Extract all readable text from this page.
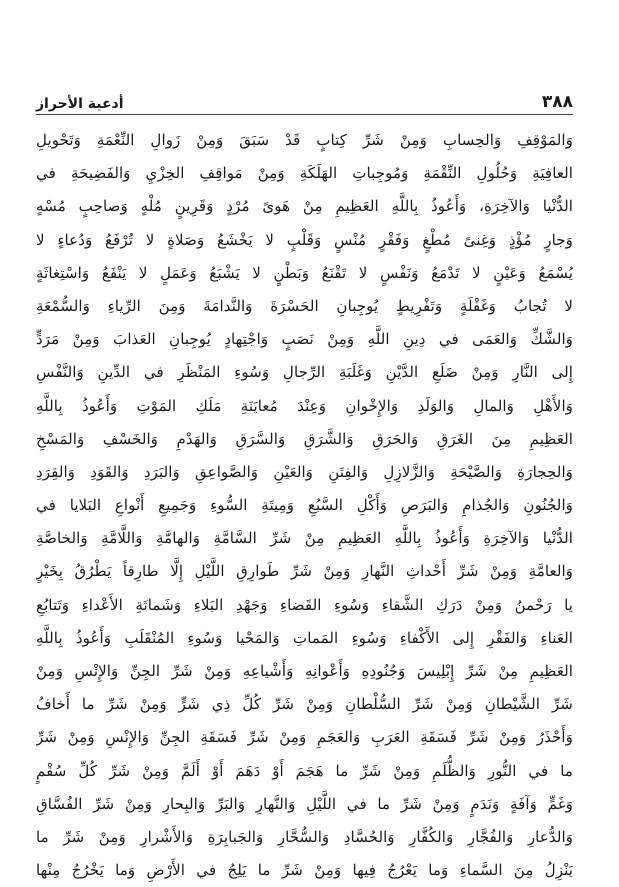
٣٨٨
أدعية الأحراز
وَالمَوْقِفِ وَالحِسابِ وَمِنْ شَرِّ كِتابٍ قَدْ سَبَقَ وَمِنْ زَوالِ النِّعْمَةِ وَتَحْويلِ
العافِيَةِ وَحُلُولِ النِّقْمَةِ وَمُوجِباتِ الهَلَكَةِ وَمِنْ مَواقِفِ الخِزْيِ وَالفَضِيحَةِ في
الدُّنْيا وَالآخِرَةِ، وَأَعُوذُ بِاللَّهِ العَظِيمِ مِنْ هَوىً مُرْدٍ وَقَرِينٍ مُلْهٍ وَصاحِبٍ مُسْهٍ
وَجارٍ مُؤْذٍ وَغِنىً مُطْغٍ وَفَقْرٍ مُنْسٍ وَقَلْبٍ لا يَخْشَعُ وَصَلاةٍ لا تُرْفَعُ وَدُعاءٍ لا
يُسْمَعُ وَعَيْنٍ لا تَدْمَعُ وَنَفْسٍ لا تَقْنَعُ وَبَطْنٍ لا يَشْبَعُ وَعَمَلٍ لا يَنْفَعُ وَاسْتِغاثَةٍ
لا تُجابُ وَغَفْلَةٍ وَتَفْرِيطٍ يُوجِبانِ الحَسْرَةَ وَالنَّدامَةَ وَمِنَ الرِّياءِ وَالسُّمْعَةِ
وَالشَّكِّ وَالعَمَى في دِينِ اللَّهِ وَمِنْ نَصَبٍ وَاجْتِهادٍ يُوجِبانِ العَذابَ وَمِنْ مَرَدٍّ
إِلى النَّارِ وَمِنْ ضَلَعِ الدَّيْنِ وَغَلَبَةِ الرِّجالِ وَسُوءِ المَنْظَرِ في الدِّينِ وَالنَّفْسِ
وَالأَهْلِ وَالمالِ وَالوَلَدِ وَالإِخْوانِ وَعِنْدَ مُعايَنَةِ مَلَكِ المَوْتِ وَأَعُوذُ بِاللَّهِ
العَظِيمِ مِنَ الغَرَقِ وَالحَرَقِ وَالشَّرَقِ وَالسَّرَقِ وَالهَدْمِ وَالخَسْفِ وَالمَسْخِ
وَالحِجارَةِ وَالصَّيْحَةِ وَالزَّلازِلِ وَالفِتَنِ وَالعَيْنِ وَالصَّواعِقِ وَالبَرَدِ وَالقَوَدِ وَالقِرَدِ
وَالجُنُونِ وَالجُذامِ وَالبَرَصِ وَأَكْلِ السَّبُعِ وَمِيتَةِ السُّوءِ وَجَمِيعِ أَنْواعِ البَلايا في
الدُّنْيا وَالآخِرَةِ وَأَعُوذُ بِاللَّهِ العَظِيمِ مِنْ شَرِّ السَّامَّةِ وَالهامَّةِ وَاللَّامَّةِ وَالخاصَّةِ
وَالعامَّةِ وَمِنْ شَرِّ أَحْداثِ النَّهارِ وَمِنْ شَرِّ طَوارِقِ اللَّيْلِ إِلَّا طارِقاً يَطْرُقُ بِخَيْرٍ
يا رَحْمنُ وَمِنْ دَرَكِ الشَّقاءِ وَسُوءِ القَضاءِ وَجَهْدِ البَلاءِ وَشَماتَةِ الأَعْداءِ وَتَتابُعِ
العَناءِ وَالفَقْرِ إِلى الأَكْفاءِ وَسُوءِ المَماتِ وَالمَحْيا وَسُوءِ المُنْقَلَبِ وَأَعُوذُ بِاللَّهِ
العَظِيمِ مِنْ شَرِّ إِبْلِيسَ وَجُنُودِهِ وَأَعْوانِهِ وَأَشْياعِهِ وَمِنْ شَرِّ الجِنِّ وَالإِنْسِ وَمِنْ
شَرِّ الشَّيْطانِ وَمِنْ شَرِّ السُّلْطانِ وَمِنْ شَرِّ كُلِّ ذِي شَرٍّ وَمِنْ شَرِّ ما أَخافُ
وَأَحْذَرُ وَمِنْ شَرِّ فَسَقَةِ العَرَبِ وَالعَجَمِ وَمِنْ شَرِّ فَسَقَةِ الجِنِّ وَالإِنْسِ وَمِنْ شَرِّ
ما في النُّورِ وَالظُّلَمِ وَمِنْ شَرِّ ما هَجَمَ أَوْ دَهَمَ أَوْ أَلَمَّ وَمِنْ شَرِّ كُلِّ سُقْمٍ
وَغَمٍّ وَآفَةٍ وَنَدَمٍ وَمِنْ شَرِّ ما في اللَّيْلِ وَالنَّهارِ وَالبَرِّ وَالبِحارِ وَمِنْ شَرِّ الفُسَّاقِ
وَالدُّعارِ وَالفُجَّارِ وَالكُفَّارِ وَالحُسَّادِ وَالسُّحَّارِ وَالجَبابِرَةِ وَالأَشْرارِ وَمِنْ شَرِّ ما
يَنْزِلُ مِنَ السَّماءِ وَما يَعْرُجُ فِيها وَمِنْ شَرِّ ما يَلِجُ في الأَرْضِ وَما يَخْرُجُ مِنْها
